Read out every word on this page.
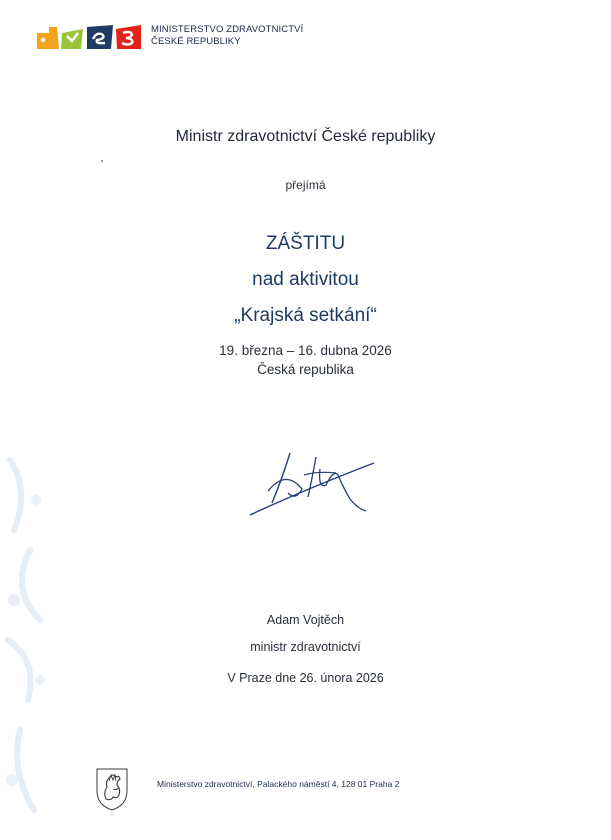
MINISTERSTVO ZDRAVOTNICTVÍ
ČESKÉ REPUBLIKY
Ministr zdravotnictví České republiky
přejímá
ZÁŠTITU
nad aktivitou
„Krajská setkání“
19. března – 16. dubna 2026
Česká republika
Adam Vojtěch
ministr zdravotnictví
V Praze dne 26. února 2026
Ministerstvo zdravotnictví, Palackého náměstí 4, 128 01 Praha 2
